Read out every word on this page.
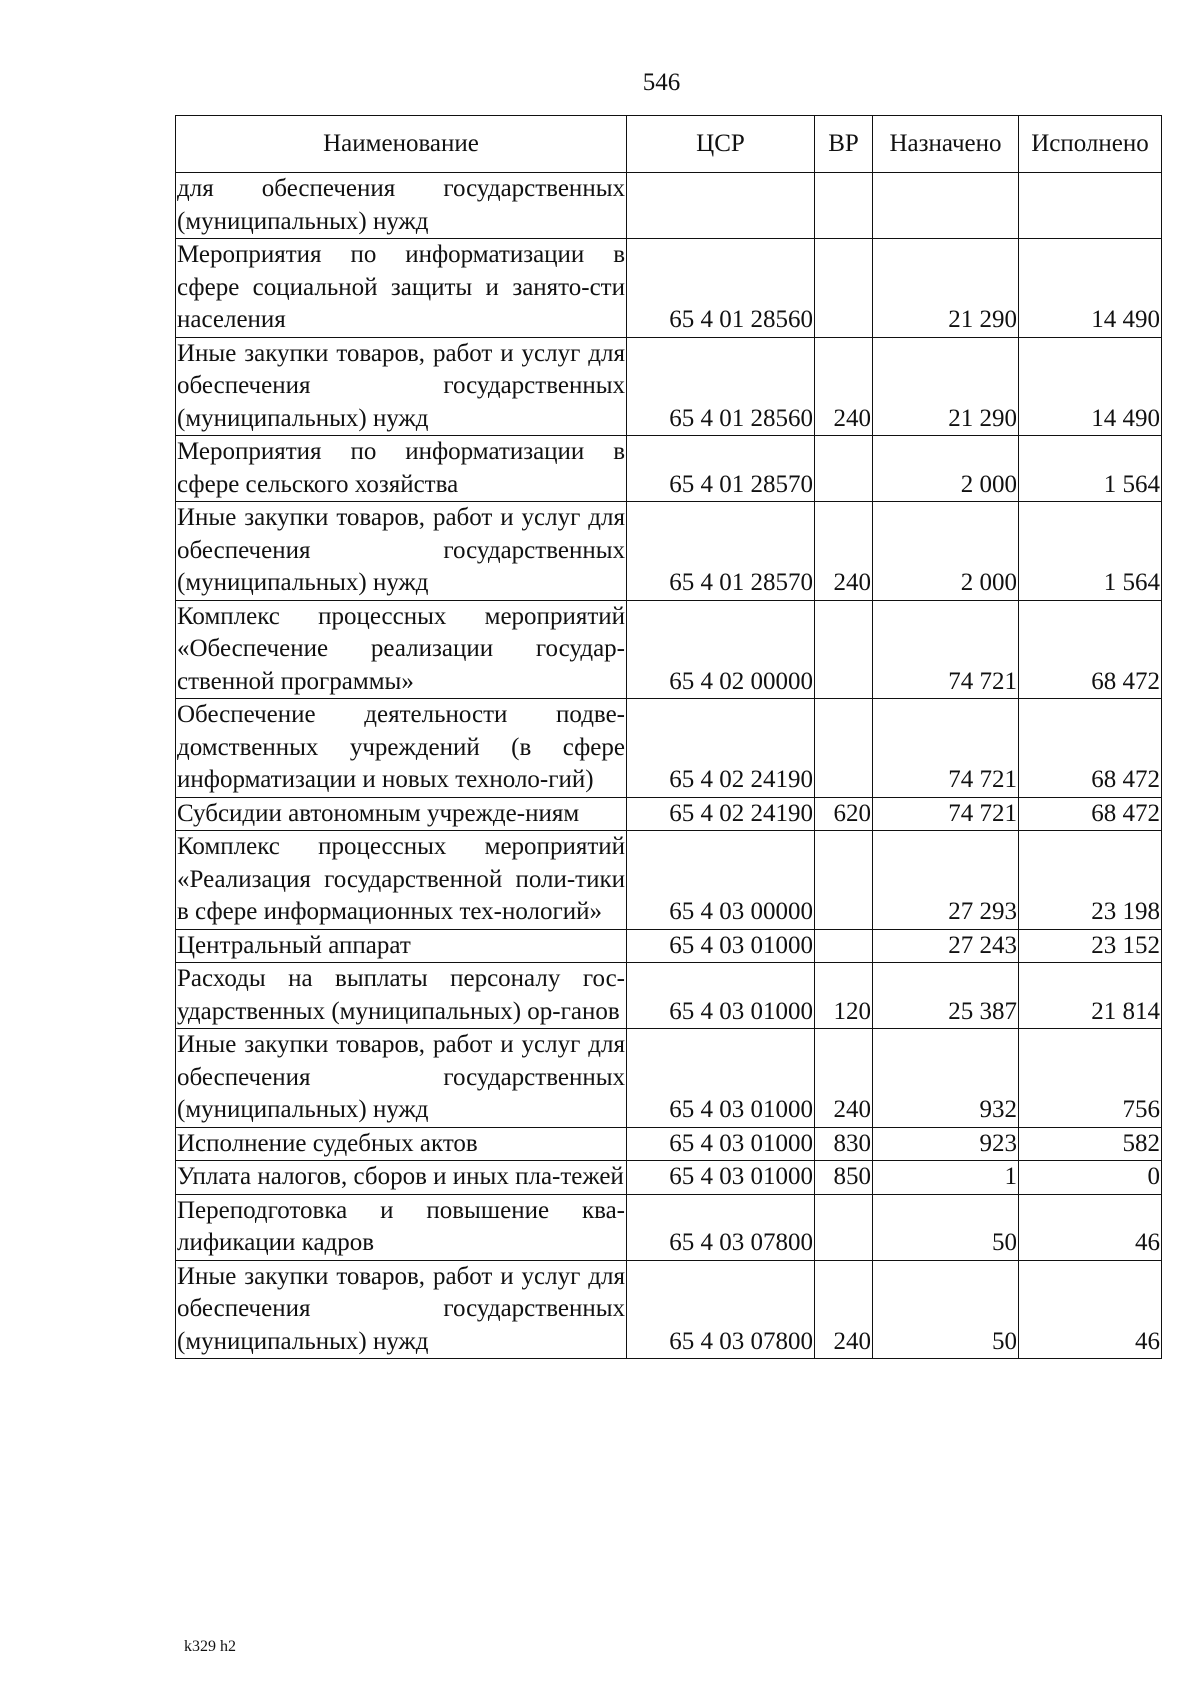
546
Наименование	ЦСР	ВР	Назначено	Исполнено
для обеспечения государственных (муниципальных) нужд				
Мероприятия по информатизации в сфере социальной защиты и занято-сти населения	65 4 01 28560		21 290	14 490
Иные закупки товаров, работ и услуг для обеспечения государственных (муниципальных) нужд	65 4 01 28560	240	21 290	14 490
Мероприятия по информатизации в сфере сельского хозяйства	65 4 01 28570		2 000	1 564
Иные закупки товаров, работ и услуг для обеспечения государственных (муниципальных) нужд	65 4 01 28570	240	2 000	1 564
Комплекс процессных мероприятий «Обеспечение реализации государ-ственной программы»	65 4 02 00000		74 721	68 472
Обеспечение деятельности подве-домственных учреждений (в сфере информатизации и новых техноло-гий)	65 4 02 24190		74 721	68 472
Субсидии автономным учрежде-ниям	65 4 02 24190	620	74 721	68 472
Комплекс процессных мероприятий «Реализация государственной поли-тики в сфере информационных тех-нологий»	65 4 03 00000		27 293	23 198
Центральный аппарат	65 4 03 01000		27 243	23 152
Расходы на выплаты персоналу гос-ударственных (муниципальных) ор-ганов	65 4 03 01000	120	25 387	21 814
Иные закупки товаров, работ и услуг для обеспечения государственных (муниципальных) нужд	65 4 03 01000	240	932	756
Исполнение судебных актов	65 4 03 01000	830	923	582
Уплата налогов, сборов и иных пла-тежей	65 4 03 01000	850	1	0
Переподготовка и повышение ква-лификации кадров	65 4 03 07800		50	46
Иные закупки товаров, работ и услуг для обеспечения государственных (муниципальных) нужд	65 4 03 07800	240	50	46
k329 h2
